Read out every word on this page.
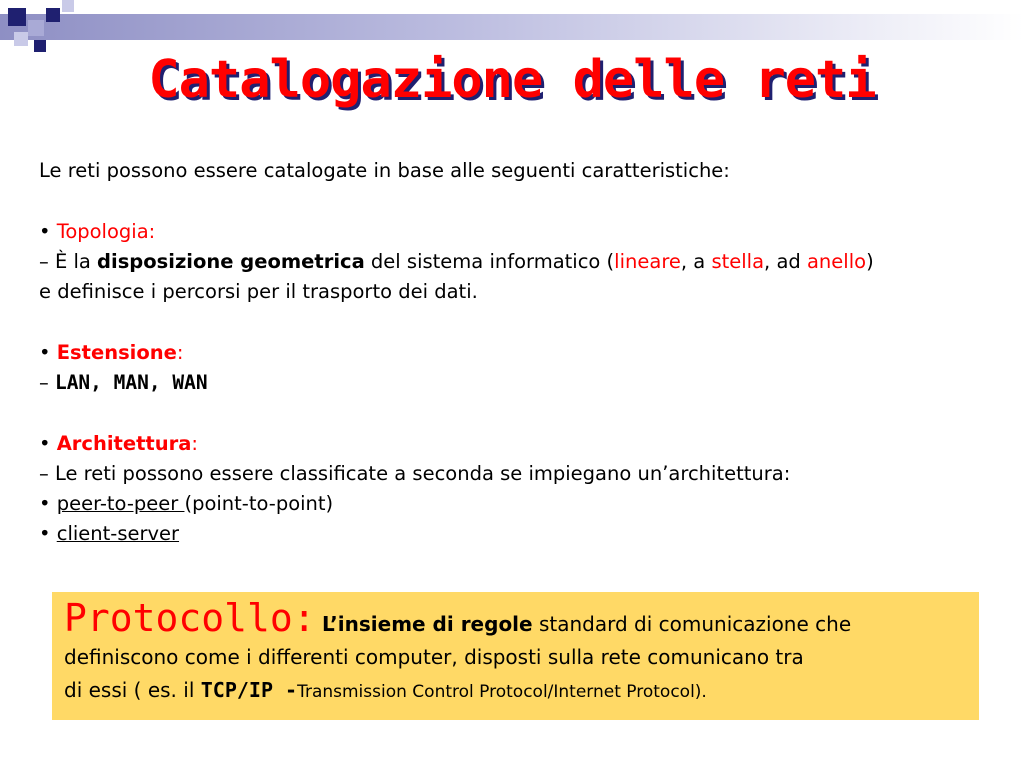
Catalogazione delle reti

Le reti possono essere catalogate in base alle seguenti caratteristiche:

• Topologia:

– È la disposizione geometrica del sistema informatico (lineare, a stella, ad anello)

e definisce i percorsi per il trasporto dei dati.

• Estensione:

– LAN, MAN, WAN

• Architettura:

– Le reti possono essere classificate a seconda se impiegano un’architettura:

• peer-to-peer (point-to-point)

• client-server

Protocollo: L’insieme di regole standard di comunicazione che
definiscono come i differenti computer, disposti sulla rete comunicano tra
di essi ( es. il TCP/IP -Transmission Control Protocol/Internet Protocol).
